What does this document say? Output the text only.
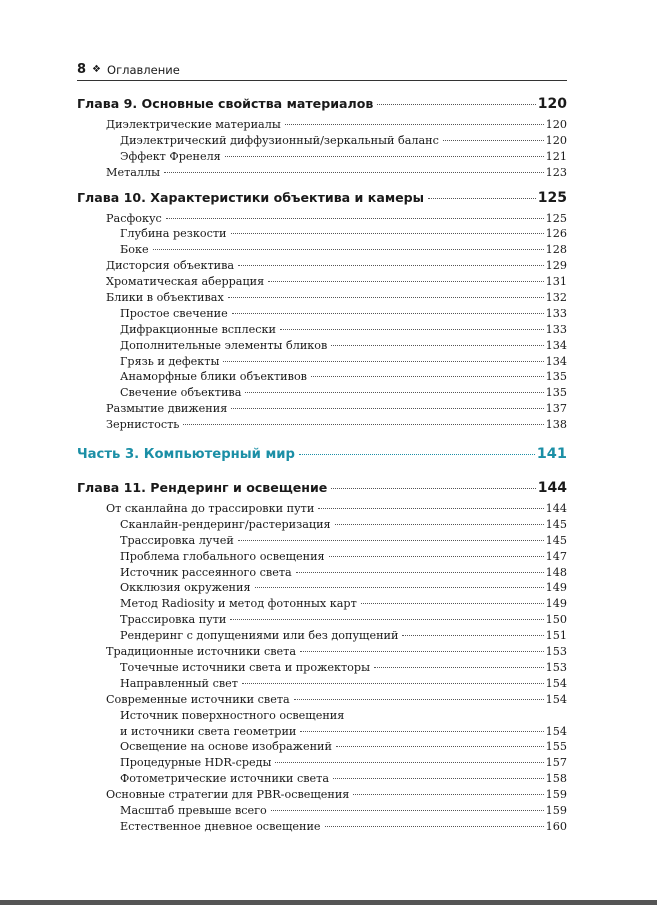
8 ❖ Оглавление
Глава 9. Основные свойства материалов	120
Диэлектрические материалы	120
Диэлектрический диффузионный/зеркальный баланс	120
Эффект Френеля	121
Металлы	123
Глава 10. Характеристики объектива и камеры	125
Расфокус	125
Глубина резкости	126
Боке	128
Дисторсия объектива	129
Хроматическая аберрация	131
Блики в объективах	132
Простое свечение	133
Дифракционные всплески	133
Дополнительные элементы бликов	134
Грязь и дефекты	134
Анаморфные блики объективов	135
Свечение объектива	135
Размытие движения	137
Зернистость	138
Часть 3. Компьютерный мир	141
Глава 11. Рендеринг и освещение	144
От сканлайна до трассировки пути	144
Сканлайн-рендеринг/растеризация	145
Трассировка лучей	145
Проблема глобального освещения	147
Источник рассеянного света	148
Окклюзия окружения	149
Метод Radiosity и метод фотонных карт	149
Трассировка пути	150
Рендеринг с допущениями или без допущений	151
Традиционные источники света	153
Точечные источники света и прожекторы	153
Направленный свет	154
Современные источники света	154
Источник поверхностного освещения
и источники света геометрии	154
Освещение на основе изображений	155
Процедурные HDR-среды	157
Фотометрические источники света	158
Основные стратегии для PBR-освещения	159
Масштаб превыше всего	159
Естественное дневное освещение	160
